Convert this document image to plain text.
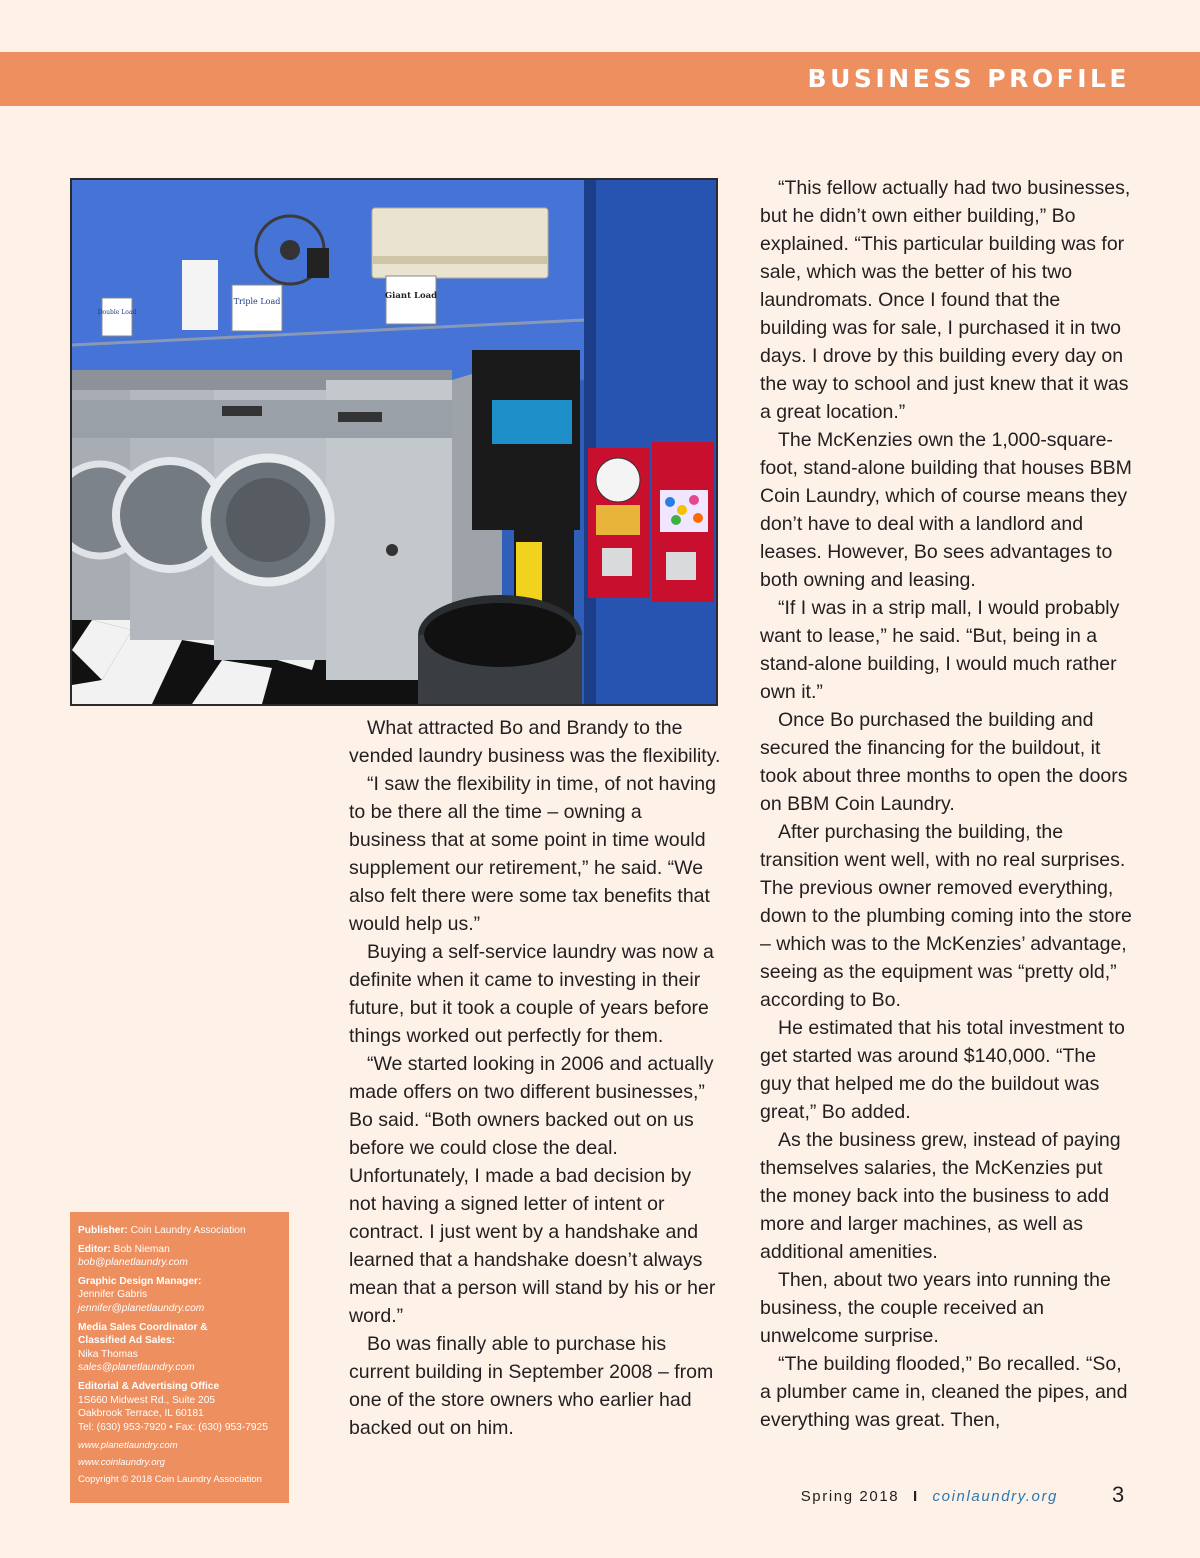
BUSINESS PROFILE
Double Load
Triple Load
Giant Load

What attracted Bo and Brandy to the vended laundry business was the flexibility.

“I saw the flexibility in time, of not having to be there all the time – owning a business that at some point in time would supplement our retirement,” he said. “We also felt there were some tax benefits that would help us.”

Buying a self-service laundry was now a definite when it came to investing in their future, but it took a couple of years before things worked out perfectly for them.

“We started looking in 2006 and actually made offers on two different businesses,” Bo said. “Both owners backed out on us before we could close the deal. Unfortunately, I made a bad decision by not having a signed letter of intent or contract. I just went by a handshake and learned that a handshake doesn’t always mean that a person will stand by his or her word.”

Bo was finally able to purchase his current building in September 2008 – from one of the store owners who earlier had backed out on him.

“This fellow actually had two businesses, but he didn’t own either building,” Bo explained. “This particular building was for sale, which was the better of his two laundromats. Once I found that the building was for sale, I purchased it in two days. I drove by this building every day on the way to school and just knew that it was a great location.”

The McKenzies own the 1,000-square-foot, stand-alone building that houses BBM Coin Laundry, which of course means they don’t have to deal with a landlord and leases. However, Bo sees advantages to both owning and leasing.

“If I was in a strip mall, I would probably want to lease,” he said. “But, being in a stand-alone building, I would much rather own it.”

Once Bo purchased the building and secured the financing for the buildout, it took about three months to open the doors on BBM Coin Laundry.

After purchasing the building, the transition went well, with no real surprises. The previous owner removed everything, down to the plumbing coming into the store – which was to the McKenzies’ advantage, seeing as the equipment was “pretty old,” according to Bo.

He estimated that his total investment to get started was around $140,000. “The guy that helped me do the buildout was great,” Bo added.

As the business grew, instead of paying themselves salaries, the McKenzies put the money back into the business to add more and larger machines, as well as additional amenities.

Then, about two years into running the business, the couple received an unwelcome surprise.

“The building flooded,” Bo recalled. “So, a plumber came in, cleaned the pipes, and everything was great. Then,

Publisher: Coin Laundry Association
Editor: Bob Nieman
bob@planetlaundry.com
Graphic Design Manager:
Jennifer Gabris
jennifer@planetlaundry.com
Media Sales Coordinator &
Classified Ad Sales:
Nika Thomas
sales@planetlaundry.com
Editorial & Advertising Office
1S660 Midwest Rd., Suite 205
Oakbrook Terrace, IL 60181
Tel: (630) 953-7920 • Fax: (630) 953-7925
www.planetlaundry.com
www.coinlaundry.org
Copyright © 2018 Coin Laundry Association
Spring 2018 I coinlaundry.org 3
